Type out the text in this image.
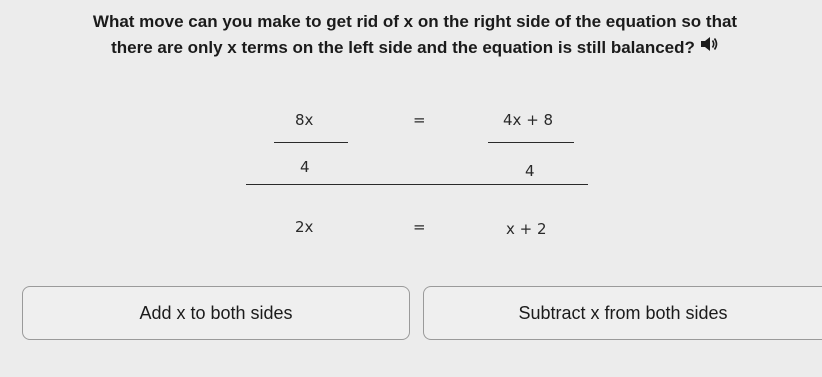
What move can you make to get rid of x on the right side of the equation so that
there are only x terms on the left side and the equation is still balanced?

8x
4
=	4x + 8
4
2x	=	x + 2
Add x to both sides	Subtract x from both sides
